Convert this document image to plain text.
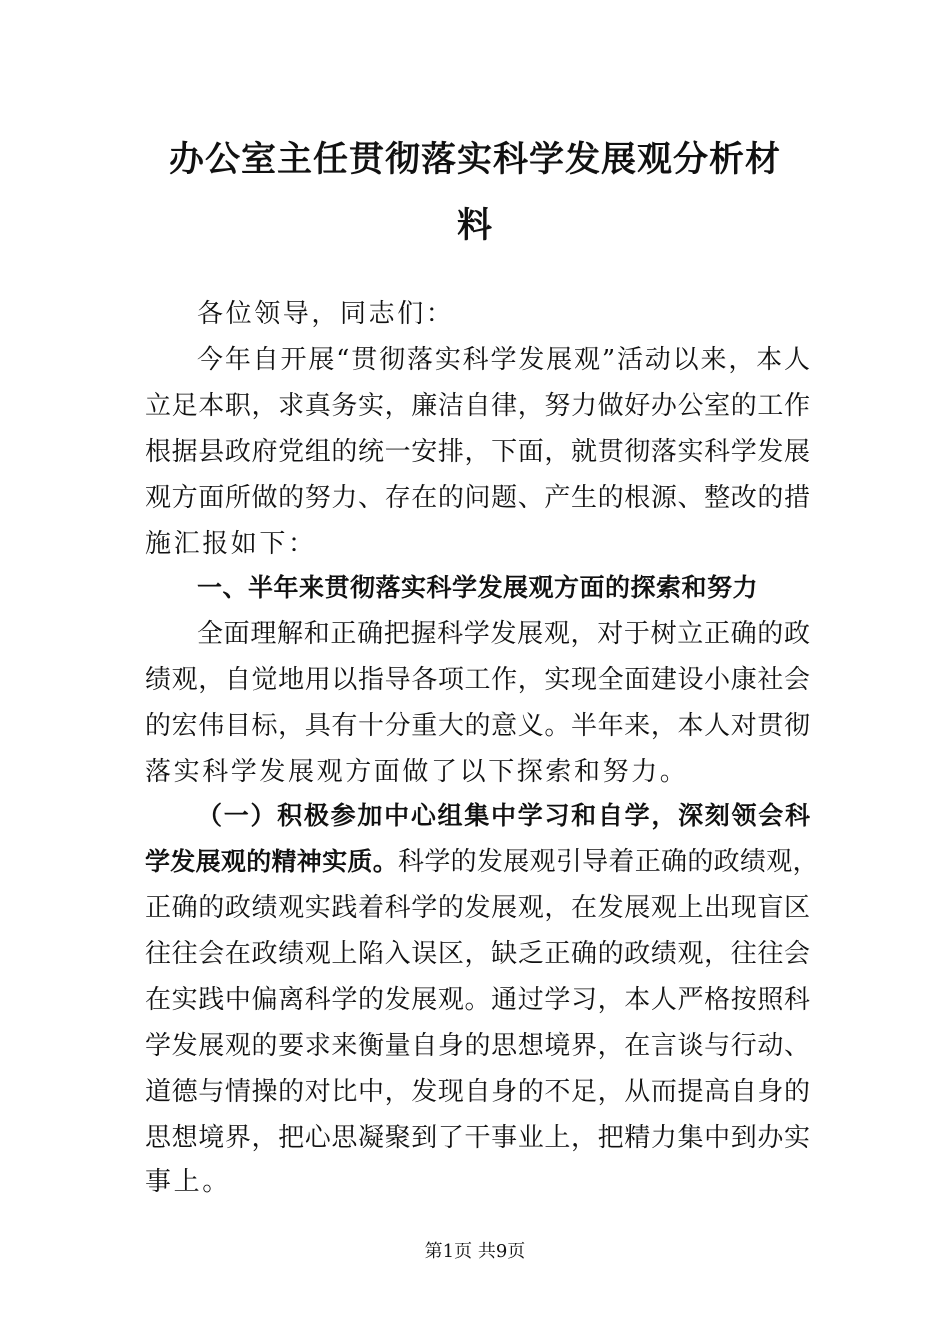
办公室主任贯彻落实科学发展观分析材
料
各位领导，同志们：
今年自开展“贯彻落实科学发展观”活动以来，本人
立足本职，求真务实，廉洁自律，努力做好办公室的工作
根据县政府党组的统一安排，下面，就贯彻落实科学发展
观方面所做的努力、存在的问题、产生的根源、整改的措
施汇报如下：
一、半年来贯彻落实科学发展观方面的探索和努力
全面理解和正确把握科学发展观，对于树立正确的政
绩观，自觉地用以指导各项工作，实现全面建设小康社会
的宏伟目标，具有十分重大的意义。半年来，本人对贯彻
落实科学发展观方面做了以下探索和努力。
（一）积极参加中心组集中学习和自学，深刻领会科
学发展观的精神实质。科学的发展观引导着正确的政绩观，
正确的政绩观实践着科学的发展观，在发展观上出现盲区
往往会在政绩观上陷入误区，缺乏正确的政绩观，往往会
在实践中偏离科学的发展观。通过学习，本人严格按照科
学发展观的要求来衡量自身的思想境界，在言谈与行动、
道德与情操的对比中，发现自身的不足，从而提高自身的
思想境界，把心思凝聚到了干事业上，把精力集中到办实
事上。
第1页 共9页
